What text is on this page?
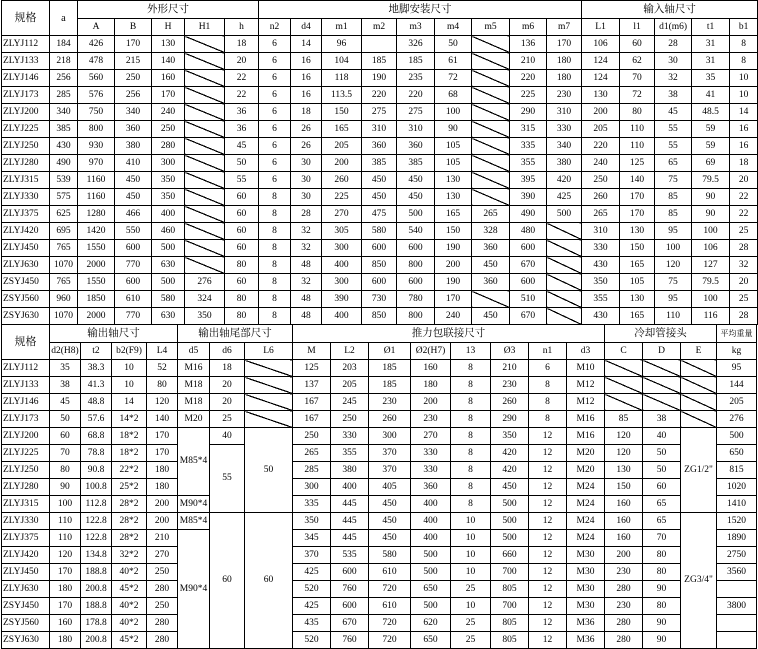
规格	a	外形尺寸					地脚安装尺寸									输入轴尺寸				
		A	B	H	H1	h	n2	d4	m1	m2	m3	m4	m5	m6	m7	L1	l1	d1(m6)	t1	b1
ZLYJ112	184	426	170	130		18	6	14	96		326	50		136	170	106	60	28	31	8
ZLYJ133	218	478	215	140		20	6	16	104	185	185	61		210	180	124	62	30	31	8
ZLYJ146	256	560	250	160		22	6	16	118	190	235	72		220	180	124	70	32	35	10
ZLYJ173	285	576	256	170		22	6	16	113.5	220	220	68		225	230	130	72	38	41	10
ZLYJ200	340	750	340	240		36	6	18	150	275	275	100		290	310	200	80	45	48.5	14
ZLYJ225	385	800	360	250		36	6	26	165	310	310	90		315	330	205	110	55	59	16
ZLYJ250	430	930	380	280		45	6	26	205	360	360	105		335	340	220	110	55	59	16
ZLYJ280	490	970	410	300		50	6	30	200	385	385	105		355	380	240	125	65	69	18
ZLYJ315	539	1160	450	350		55	6	30	260	450	450	130		395	420	250	140	75	79.5	20
ZLYJ330	575	1160	450	350		60	8	30	225	450	450	130		390	425	260	170	85	90	22
ZLYJ375	625	1280	466	400		60	8	28	270	475	500	165	265	490	500	265	170	85	90	22
ZLYJ420	695	1420	550	460		60	8	32	305	580	540	150	328	480		310	130	95	100	25
ZLYJ450	765	1550	600	500		60	8	32	300	600	600	190	360	600		330	150	100	106	28
ZLYJ630	1070	2000	770	630		80	8	48	400	850	800	200	450	670		430	165	120	127	32
ZSYJ450	765	1550	600	500	276	60	8	32	300	600	600	190	360	600		350	105	75	79.5	20
ZSYJ560	960	1850	610	580	324	80	8	48	390	730	780	170		510		355	130	95	100	25
ZSYJ630	1070	2000	770	630	350	80	8	48	400	850	800	240	450	670		430	165	110	116	28
规格	输出轴尺寸				输出轴尾部尺寸			推力包联接尺寸								冷却管接头			平均重量	
	d2(H8)	t2	b2(F9)	L4	d5	d6	L6	M	L2	Ø1	Ø2(H7)	13	Ø3	n1	d3	C	D	E	kg	
ZLYJ112	35	38.3	10	52	M16	18		125	203	185	160	8	210	6	M10				95	
ZLYJ133	38	41.3	10	80	M18	20		137	205	185	180	8	230	8	M12				144	
ZLYJ146	45	48.8	14	120	M18	20		167	245	230	200	8	260	8	M12				205	
ZLYJ173	50	57.6	14*2	140	M20	25		167	250	260	230	8	290	8	M16	85	38		276	
ZLYJ200	60	68.8	18*2	170	M85*4	40	50	250	330	300	270	8	350	12	M16	120	40	ZG1/2"	500	
ZLYJ225	70	78.8	18*2	170		55		265	355	370	330	8	420	12	M20	120	50		650	
ZLYJ250	80	90.8	22*2	180				285	380	370	330	8	420	12	M20	130	50		815	
ZLYJ280	90	100.8	25*2	180				300	400	405	360	8	450	12	M24	150	60		1020	
ZLYJ315	100	112.8	28*2	200	M90*4			335	445	450	400	8	500	12	M24	160	65		1410	
ZLYJ330	110	122.8	28*2	200	M85*4	60	60	350	445	450	400	10	500	12	M24	160	65	ZG3/4"	1520	
ZLYJ375	110	122.8	28*2	210	M90*4			345	445	450	400	10	500	12	M24	160	70		1890	
ZLYJ420	120	134.8	32*2	270				370	535	580	500	10	660	12	M30	200	80		2750	
ZLYJ450	170	188.8	40*2	250				425	600	610	500	10	700	12	M30	230	80		3560	
ZLYJ630	180	200.8	45*2	280				520	760	720	650	25	805	12	M30	280	90			
ZSYJ450	170	188.8	40*2	250				425	600	610	500	10	700	12	M30	230	80		3800	
ZSYJ560	160	178.8	40*2	280				435	670	720	620	25	805	12	M36	280	90			
ZSYJ630	180	200.8	45*2	280				520	760	720	650	25	805	12	M36	280	90			
